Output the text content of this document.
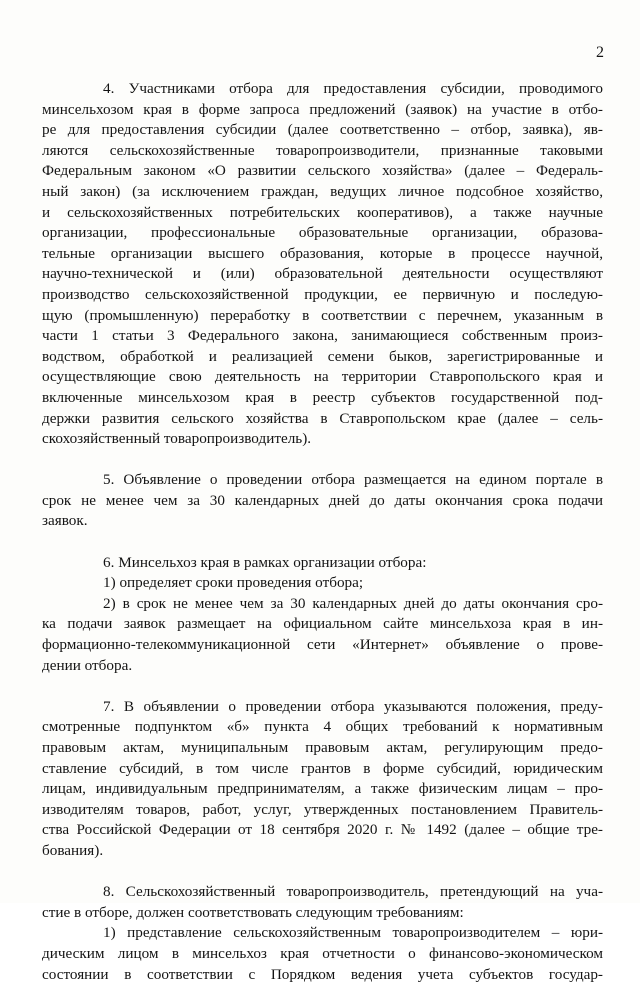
2
4. Участниками отбора для предоставления субсидии, проводимого
минсельхозом края в форме запроса предложений (заявок) на участие в отбо-
ре для предоставления субсидии (далее соответственно – отбор, заявка), яв-
ляются сельскохозяйственные товаропроизводители, признанные таковыми
Федеральным законом «О развитии сельского хозяйства» (далее – Федераль-
ный закон) (за исключением граждан, ведущих личное подсобное хозяйство,
и сельскохозяйственных потребительских кооперативов), а также научные
организации, профессиональные образовательные организации, образова-
тельные организации высшего образования, которые в процессе научной,
научно-технической и (или) образовательной деятельности осуществляют
производство сельскохозяйственной продукции, ее первичную и последую-
щую (промышленную) переработку в соответствии с перечнем, указанным в
части 1 статьи 3 Федерального закона, занимающиеся собственным произ-
водством, обработкой и реализацией семени быков, зарегистрированные и
осуществляющие свою деятельность на территории Ставропольского края и
включенные минсельхозом края в реестр субъектов государственной под-
держки развития сельского хозяйства в Ставропольском крае (далее – сель-
скохозяйственный товаропроизводитель).
5. Объявление о проведении отбора размещается на едином портале в
срок не менее чем за 30 календарных дней до даты окончания срока подачи
заявок.
6. Минсельхоз края в рамках организации отбора:
1) определяет сроки проведения отбора;
2) в срок не менее чем за 30 календарных дней до даты окончания сро-
ка подачи заявок размещает на официальном сайте минсельхоза края в ин-
формационно-телекоммуникационной сети «Интернет» объявление о прове-
дении отбора.
7. В объявлении о проведении отбора указываются положения, преду-
смотренные подпунктом «б» пункта 4 общих требований к нормативным
правовым актам, муниципальным правовым актам, регулирующим предо-
ставление субсидий, в том числе грантов в форме субсидий, юридическим
лицам, индивидуальным предпринимателям, а также физическим лицам – про-
изводителям товаров, работ, услуг, утвержденных постановлением Правитель-
ства Российской Федерации от 18 сентября 2020 г. № 1492 (далее – общие тре-
бования).
8. Сельскохозяйственный товаропроизводитель, претендующий на уча-
стие в отборе, должен соответствовать следующим требованиям:
1) представление сельскохозяйственным товаропроизводителем – юри-
дическим лицом в минсельхоз края отчетности о финансово-экономическом
состоянии в соответствии с Порядком ведения учета субъектов государ-
